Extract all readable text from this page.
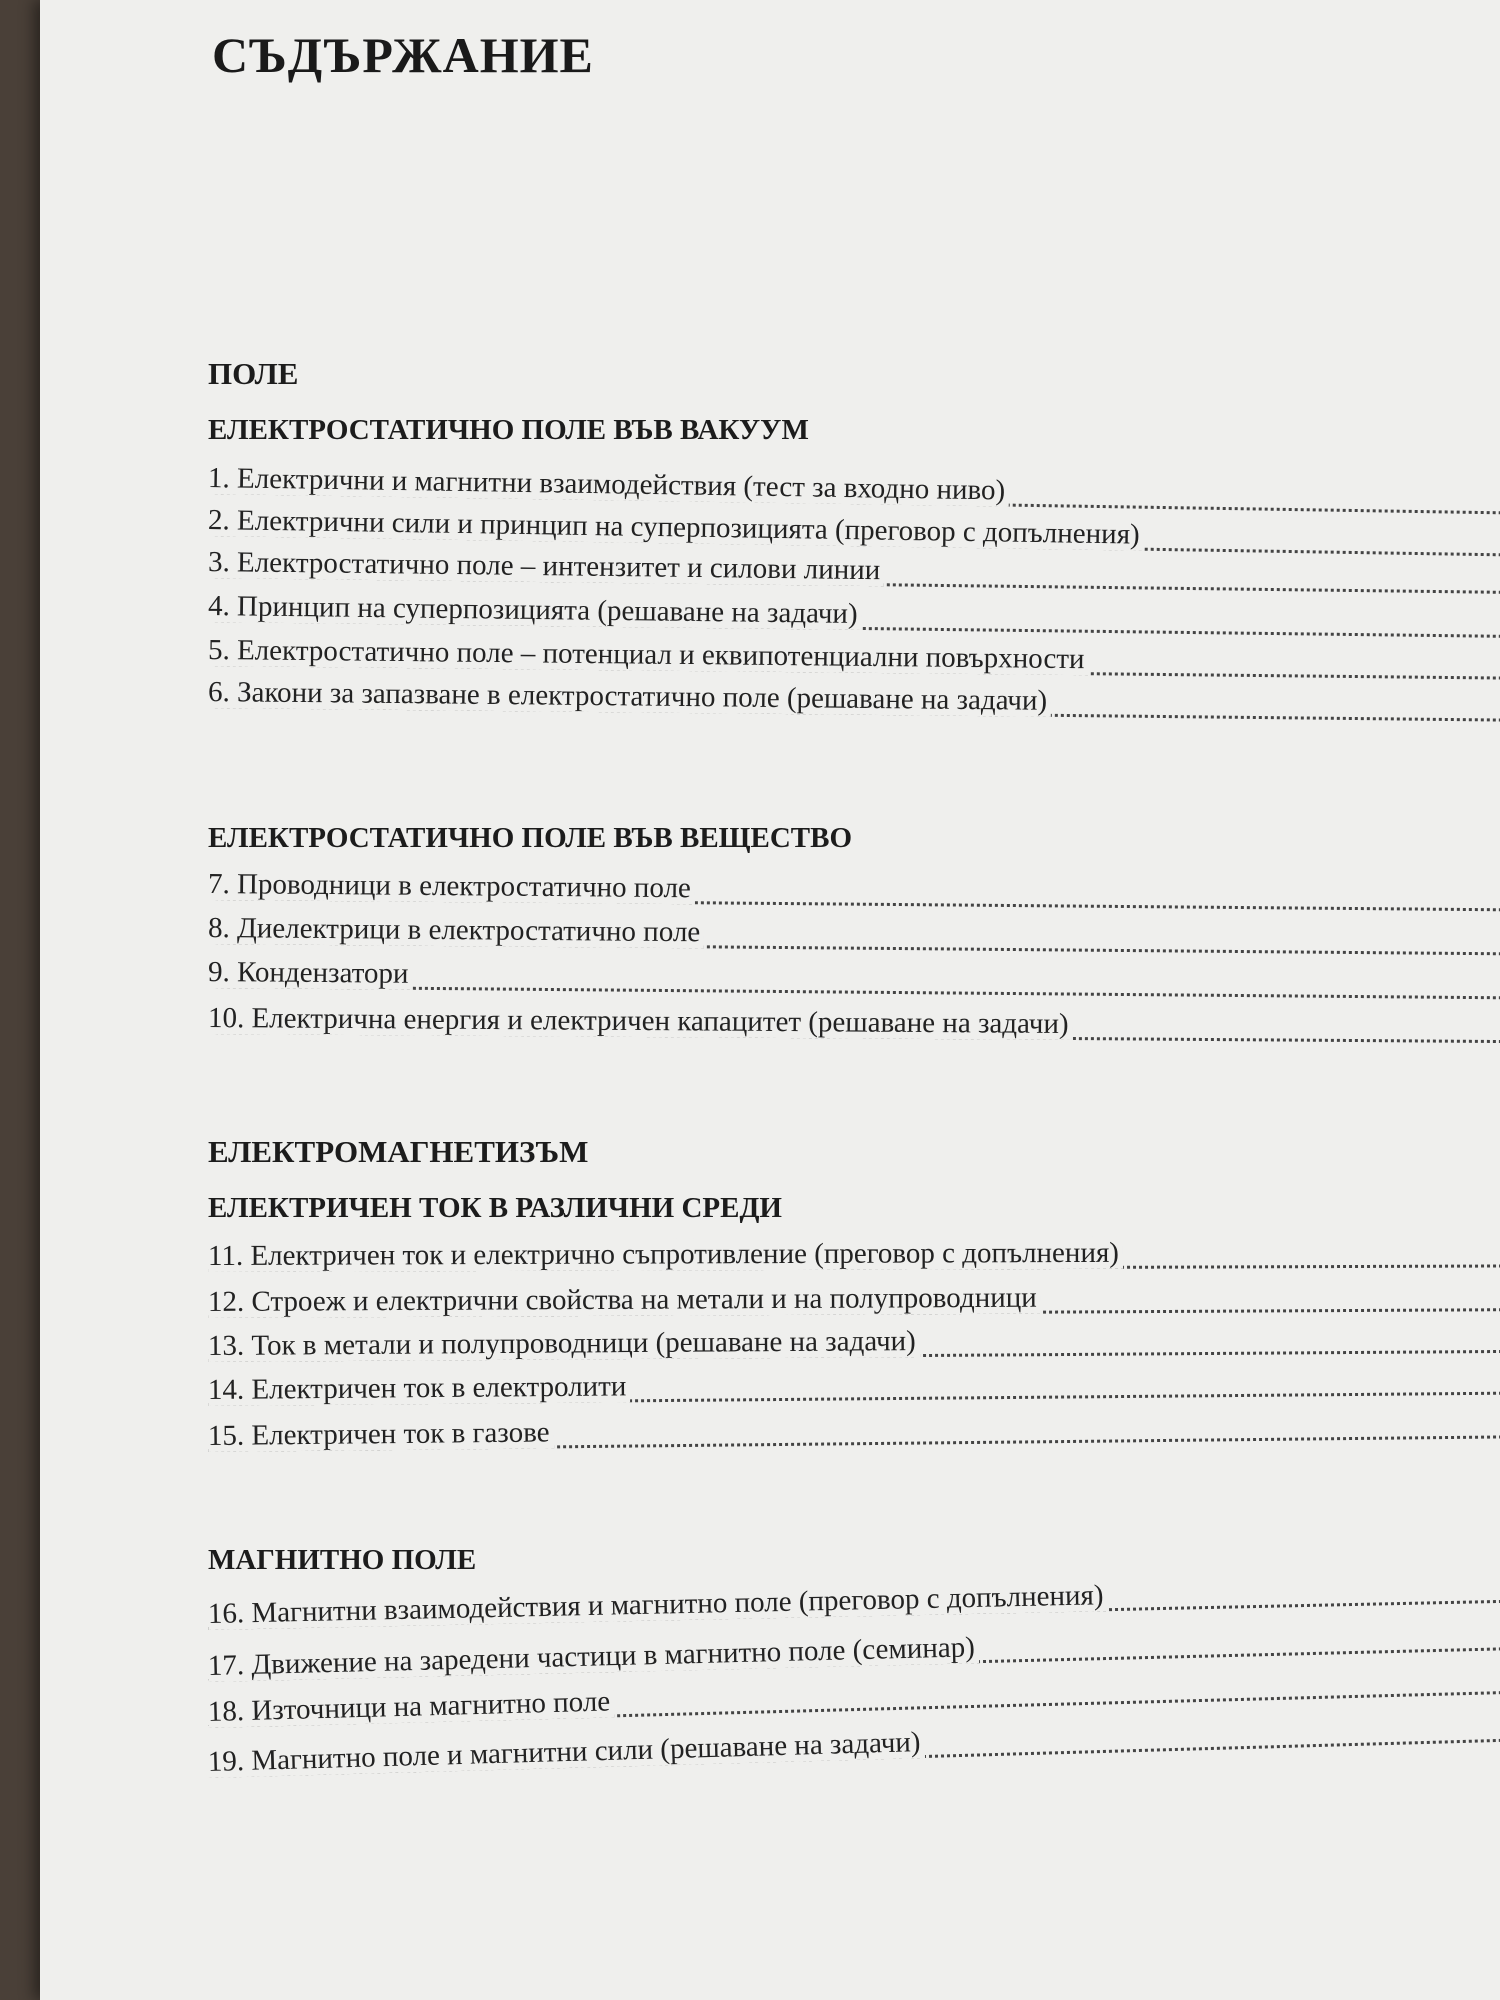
СЪДЪРЖАНИЕ
ПОЛЕ
ЕЛЕКТРОСТАТИЧНО ПОЛЕ ВЪВ ВАКУУМ
1. Електрични и магнитни взаимодействия (тест за входно ниво)
2. Електрични сили и принцип на суперпозицията (преговор с допълнения)
3. Електростатично поле – интензитет и силови линии
4. Принцип на суперпозицията (решаване на задачи)
5. Електростатично поле – потенциал и еквипотенциални повърхности
6. Закони за запазване в електростатично поле (решаване на задачи)
ЕЛЕКТРОСТАТИЧНО ПОЛЕ ВЪВ ВЕЩЕСТВО
7. Проводници в електростатично поле
8. Диелектрици в електростатично поле
9. Кондензатори
10. Електрична енергия и електричен капацитет (решаване на задачи)
ЕЛЕКТРОМАГНЕТИЗЪМ
ЕЛЕКТРИЧЕН ТОК В РАЗЛИЧНИ СРЕДИ
11. Електричен ток и електрично съпротивление (преговор с допълнения)
12. Строеж и електрични свойства на метали и на полупроводници
13. Ток в метали и полупроводници (решаване на задачи)
14. Електричен ток в електролити
15. Електричен ток в газове
МАГНИТНО ПОЛЕ
16. Магнитни взаимодействия и магнитно поле (преговор с допълнения)
17. Движение на заредени частици в магнитно поле (семинар)
18. Източници на магнитно поле
19. Магнитно поле и магнитни сили (решаване на задачи)
